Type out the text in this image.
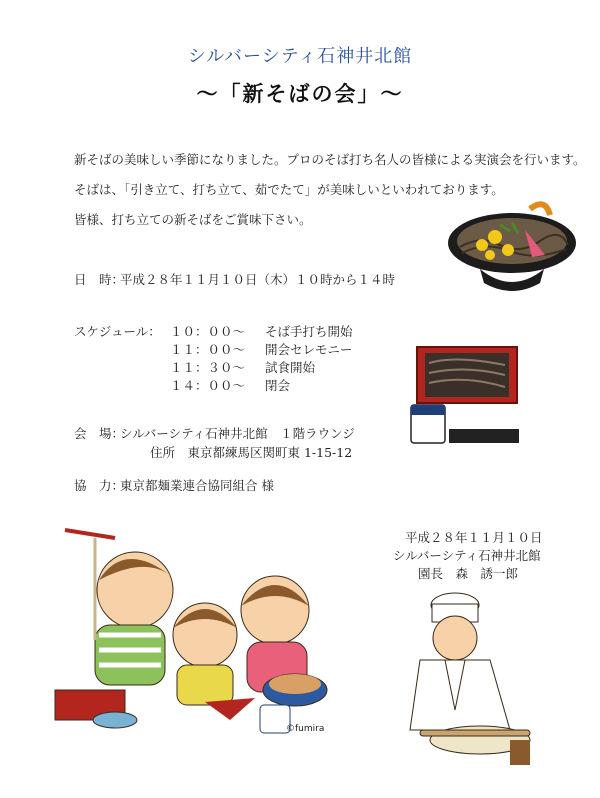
シルバーシティ石神井北館
～「新そばの会」～
新そばの美味しい季節になりました。プロのそば打ち名人の皆様による実演会を行います。
そばは、「引き立て、打ち立て、茹でたて」が美味しいといわれております。
皆様、打ち立ての新そばをご賞味下さい。
日　時：
平成２８年１１月１０日（木）１０時から１４時
スケジュール： １０：００～ そば手打ち開始
１１：００～ 開会セレモニー
１１：３０～ 試食開始
１４：００～ 閉会
会　場：
シルバーシティ石神井北館　１階ラウンジ
住所　東京都練馬区関町東 1-15-12
協　力：
東京都麺業連合協同組合 様
平成２８年１１月１０日
シルバーシティ石神井北館
園長　森　誘一郎
©fumira
